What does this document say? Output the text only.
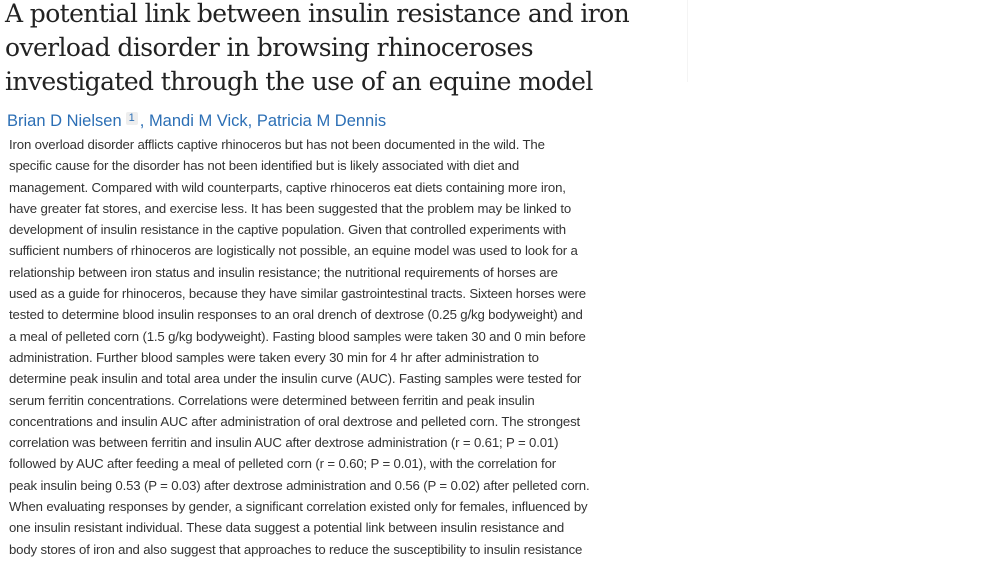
A potential link between insulin resistance and iron
overload disorder in browsing rhinoceroses
investigated through the use of an equine model
Brian D Nielsen 1 , Mandi M Vick, Patricia M Dennis
Iron overload disorder afflicts captive rhinoceros but has not been documented in the wild. The
specific cause for the disorder has not been identified but is likely associated with diet and
management. Compared with wild counterparts, captive rhinoceros eat diets containing more iron,
have greater fat stores, and exercise less. It has been suggested that the problem may be linked to
development of insulin resistance in the captive population. Given that controlled experiments with
sufficient numbers of rhinoceros are logistically not possible, an equine model was used to look for a
relationship between iron status and insulin resistance; the nutritional requirements of horses are
used as a guide for rhinoceros, because they have similar gastrointestinal tracts. Sixteen horses were
tested to determine blood insulin responses to an oral drench of dextrose (0.25 g/kg bodyweight) and
a meal of pelleted corn (1.5 g/kg bodyweight). Fasting blood samples were taken 30 and 0 min before
administration. Further blood samples were taken every 30 min for 4 hr after administration to
determine peak insulin and total area under the insulin curve (AUC). Fasting samples were tested for
serum ferritin concentrations. Correlations were determined between ferritin and peak insulin
concentrations and insulin AUC after administration of oral dextrose and pelleted corn. The strongest
correlation was between ferritin and insulin AUC after dextrose administration (r = 0.61; P = 0.01)
followed by AUC after feeding a meal of pelleted corn (r = 0.60; P = 0.01), with the correlation for
peak insulin being 0.53 (P = 0.03) after dextrose administration and 0.56 (P = 0.02) after pelleted corn.
When evaluating responses by gender, a significant correlation existed only for females, influenced by
one insulin resistant individual. These data suggest a potential link between insulin resistance and
body stores of iron and also suggest that approaches to reduce the susceptibility to insulin resistance
